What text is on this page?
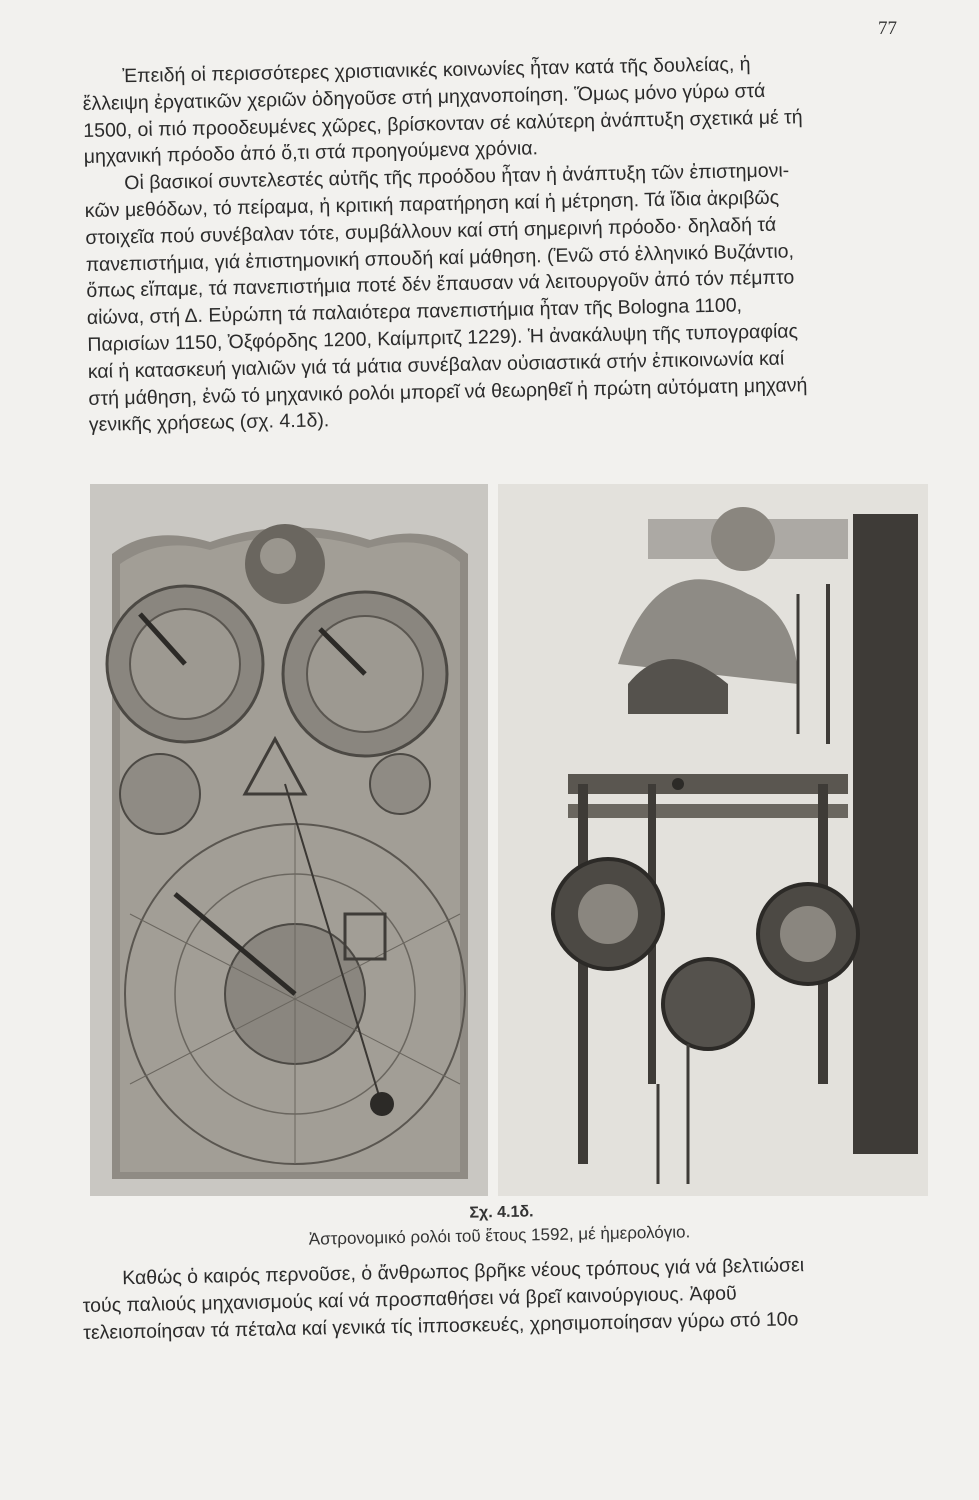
77
Ἐπειδή οἱ περισσότερες χριστιανικές κοινωνίες ἦταν κατά τῆς δουλείας, ἡ
ἔλλειψη ἐργατικῶν χεριῶν ὁδηγοῦσε στή μηχανοποίηση. Ὅμως μόνο γύρω στά
1500, οἱ πιό προοδευμένες χῶρες, βρίσκονταν σέ καλύτερη ἀνάπτυξη σχετικά μέ τή
μηχανική πρόοδο ἀπό ὅ,τι στά προηγούμενα χρόνια.
Οἱ βασικοί συντελεστές αὐτῆς τῆς προόδου ἦταν ἡ ἀνάπτυξη τῶν ἐπιστημονι-
κῶν μεθόδων, τό πείραμα, ἡ κριτική παρατήρηση καί ἡ μέτρηση. Τά ἴδια ἀκριβῶς
στοιχεῖα πού συνέβαλαν τότε, συμβάλλουν καί στή σημερινή πρόοδο· δηλαδή τά
πανεπιστήμια, γιά ἐπιστημονική σπουδή καί μάθηση. (Ἐνῶ στό ἑλληνικό Βυζάντιο,
ὅπως εἴπαμε, τά πανεπιστήμια ποτέ δέν ἔπαυσαν νά λειτουργοῦν ἀπό τόν πέμπτο
αἰώνα, στή Δ. Εὐρώπη τά παλαιότερα πανεπιστήμια ἦταν τῆς Bologna 1100,
Παρισίων 1150, Ὀξφόρδης 1200, Καίμπριτζ 1229). Ἡ ἀνακάλυψη τῆς τυπογραφίας
καί ἡ κατασκευή γιαλιῶν γιά τά μάτια συνέβαλαν οὐσιαστικά στήν ἐπικοινωνία καί
στή μάθηση, ἐνῶ τό μηχανικό ρολόι μπορεῖ νά θεωρηθεῖ ἡ πρώτη αὐτόματη μηχανή
γενικῆς χρήσεως (σχ. 4.1δ).
Σχ. 4.1δ.
Ἀστρονομικό ρολόι τοῦ ἔτους 1592, μέ ἡμερολόγιο.
Καθώς ὁ καιρός περνοῦσε, ὁ ἄνθρωπος βρῆκε νέους τρόπους γιά νά βελτιώσει
τούς παλιούς μηχανισμούς καί νά προσπαθήσει νά βρεῖ καινούργιους. Ἀφοῦ
τελειοποίησαν τά πέταλα καί γενικά τίς ἱπποσκευές, χρησιμοποίησαν γύρω στό 10ο
